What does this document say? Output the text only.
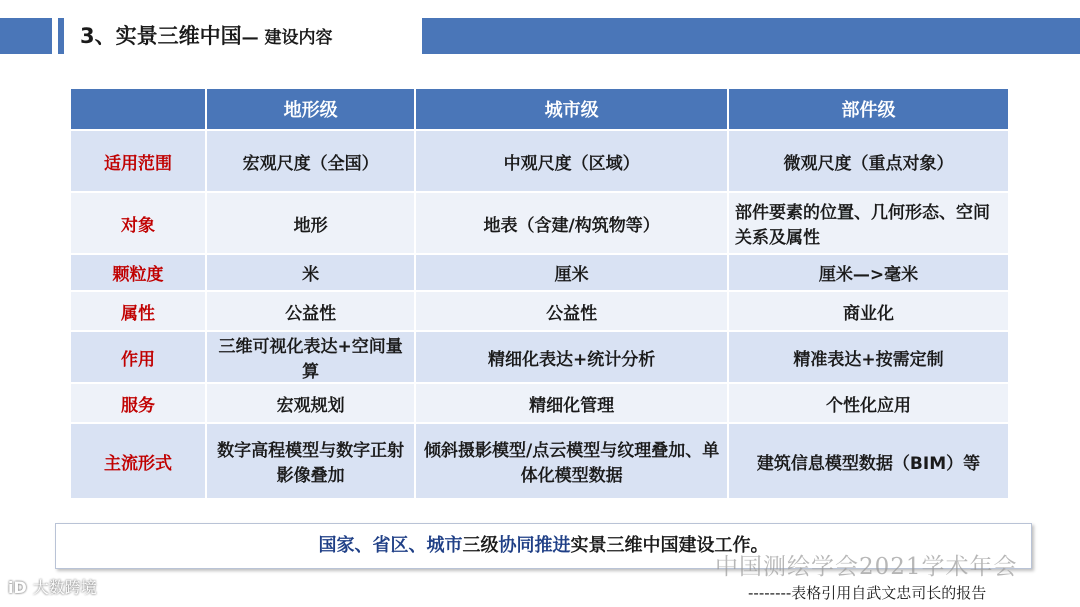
3、实景三维中国— 建设内容
	地形级	城市级	部件级
适用范围	宏观尺度（全国）	中观尺度（区域）	微观尺度（重点对象）
对象	地形	地表（含建/构筑物等）	部件要素的位置、几何形态、空间关系及属性
颗粒度	米	厘米	厘米—>毫米
属性	公益性	公益性	商业化
作用	三维可视化表达+空间量算	精细化表达+统计分析	精准表达+按需定制
服务	宏观规划	精细化管理	个性化应用
主流形式	数字高程模型与数字正射影像叠加	倾斜摄影模型/点云模型与纹理叠加、单体化模型数据	建筑信息模型数据（BIM）等
国家、省区、城市三级协同推进实景三维中国建设工作。
中国测绘学会2021学术年会
iD 大数跨境	--------表格引用自武文忠司长的报告
